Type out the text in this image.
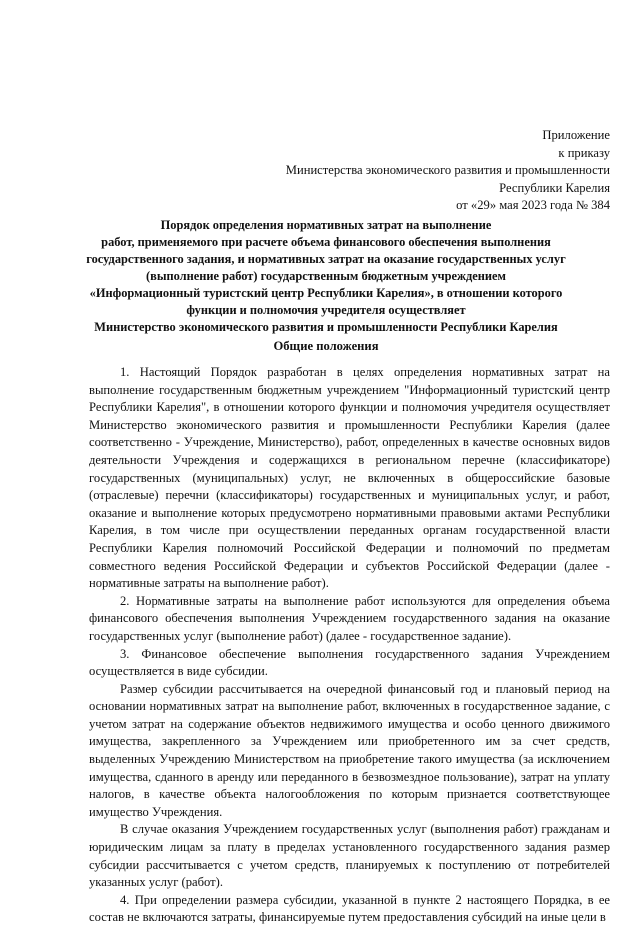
Приложение
к приказу
Министерства экономического развития и промышленности
Республики Карелия
от «29» мая 2023 года № 384
Порядок определения нормативных затрат на выполнение
работ, применяемого при расчете объема финансового обеспечения выполнения
государственного задания, и нормативных затрат на оказание государственных услуг
(выполнение работ) государственным бюджетным учреждением
«Информационный туристский центр Республики Карелия», в отношении которого
функции и полномочия учредителя осуществляет
Министерство экономического развития и промышленности Республики Карелия
Общие положения

1. Настоящий Порядок разработан в целях определения нормативных затрат на выполнение государственным бюджетным учреждением "Информационный туристский центр Республики Карелия", в отношении которого функции и полномочия учредителя осуществляет Министерство экономического развития и промышленности Республики Карелия (далее соответственно - Учреждение, Министерство), работ, определенных в качестве основных видов деятельности Учреждения и содержащихся в региональном перечне (классификаторе) государственных (муниципальных) услуг, не включенных в общероссийские базовые (отраслевые) перечни (классификаторы) государственных и муниципальных услуг, и работ, оказание и выполнение которых предусмотрено нормативными правовыми актами Республики Карелия, в том числе при осуществлении переданных органам государственной власти Республики Карелия полномочий Российской Федерации и полномочий по предметам совместного ведения Российской Федерации и субъектов Российской Федерации (далее - нормативные затраты на выполнение работ).

2. Нормативные затраты на выполнение работ используются для определения объема финансового обеспечения выполнения Учреждением государственного задания на оказание государственных услуг (выполнение работ) (далее - государственное задание).

3. Финансовое обеспечение выполнения государственного задания Учреждением осуществляется в виде субсидии.

Размер субсидии рассчитывается на очередной финансовый год и плановый период на основании нормативных затрат на выполнение работ, включенных в государственное задание, с учетом затрат на содержание объектов недвижимого имущества и особо ценного движимого имущества, закрепленного за Учреждением или приобретенного им за счет средств, выделенных Учреждению Министерством на приобретение такого имущества (за исключением имущества, сданного в аренду или переданного в безвозмездное пользование), затрат на уплату налогов, в качестве объекта налогообложения по которым признается соответствующее имущество Учреждения.

В случае оказания Учреждением государственных услуг (выполнения работ) гражданам и юридическим лицам за плату в пределах установленного государственного задания размер субсидии рассчитывается с учетом средств, планируемых к поступлению от потребителей указанных услуг (работ).

4. При определении размера субсидии, указанной в пункте 2 настоящего Порядка, в ее состав не включаются затраты, финансируемые путем предоставления субсидий на иные цели в
